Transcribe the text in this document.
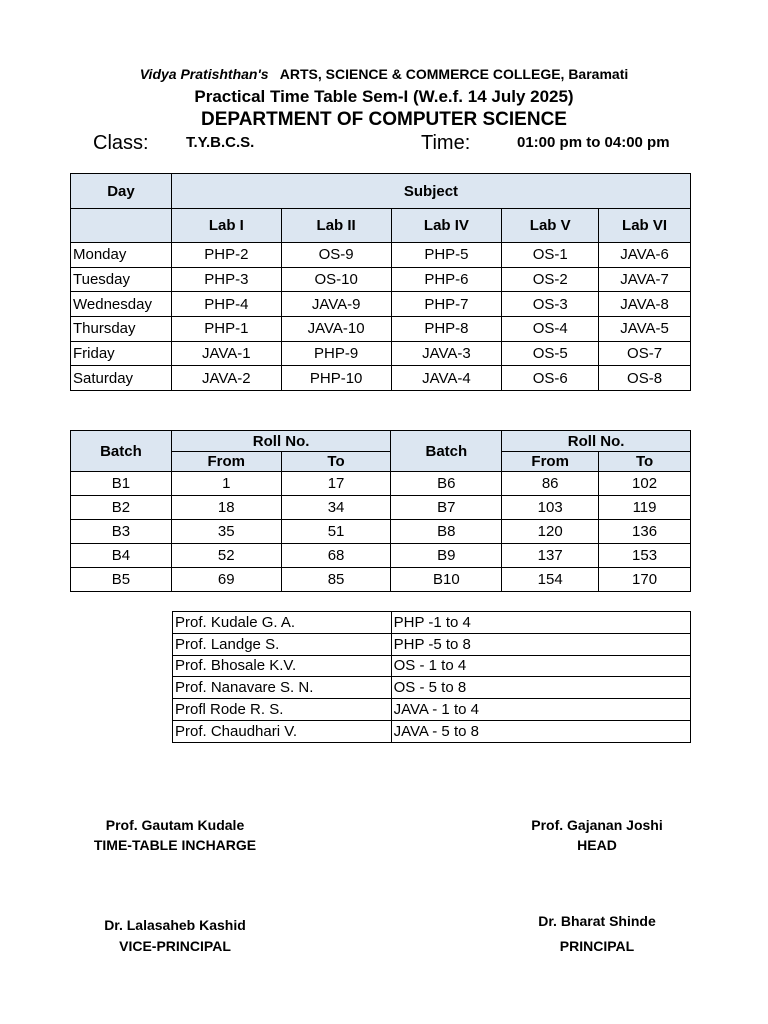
Vidya Pratishthan's ARTS, SCIENCE & COMMERCE COLLEGE, Baramati
Practical Time Table Sem-I (W.e.f. 14 July 2025)
DEPARTMENT OF COMPUTER SCIENCE
Class: T.Y.B.C.S.	Time:	01:00 pm to 04:00 pm
Day	Subject				
	Lab I	Lab II	Lab IV	Lab V	Lab VI
Monday	PHP-2	OS-9	PHP-5	OS-1	JAVA-6
Tuesday	PHP-3	OS-10	PHP-6	OS-2	JAVA-7
Wednesday	PHP-4	JAVA-9	PHP-7	OS-3	JAVA-8
Thursday	PHP-1	JAVA-10	PHP-8	OS-4	JAVA-5
Friday	JAVA-1	PHP-9	JAVA-3	OS-5	OS-7
Saturday	JAVA-2	PHP-10	JAVA-4	OS-6	OS-8
Batch	Roll No.		Batch	Roll No.	
	From	To		From	To
B1	1	17	B6	86	102
B2	18	34	B7	103	119
B3	35	51	B8	120	136
B4	52	68	B9	137	153
B5	69	85	B10	154	170
Prof. Kudale G. A.	PHP -1 to 4
Prof. Landge S.	PHP -5 to 8
Prof. Bhosale K.V.	OS - 1 to 4
Prof. Nanavare S. N.	OS - 5 to 8
Profl Rode R. S.	JAVA - 1 to 4
Prof. Chaudhari V.	JAVA - 5 to 8
Prof. Gautam Kudale
TIME-TABLE INCHARGE
Prof. Gajanan Joshi
HEAD
Dr. Lalasaheb Kashid
VICE-PRINCIPAL
Dr. Bharat Shinde
PRINCIPAL
